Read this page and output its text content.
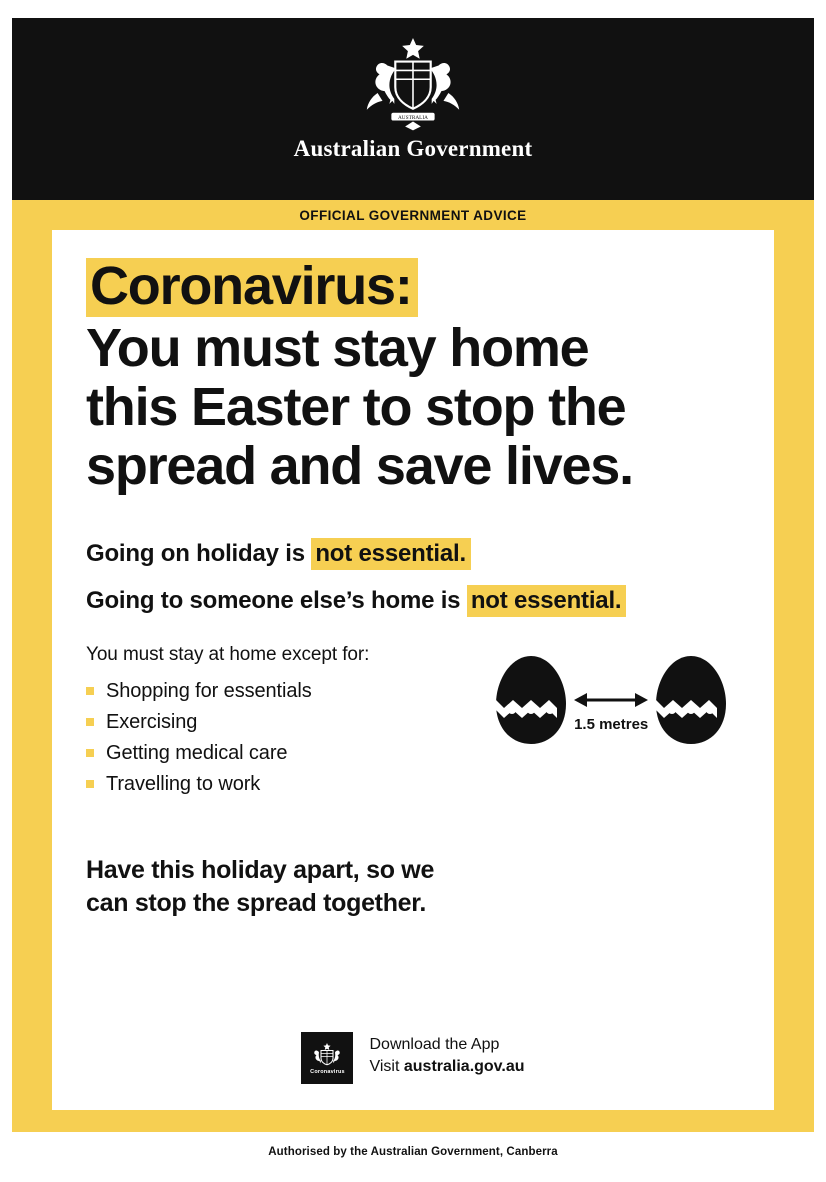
AUSTRALIA
Australian Government
OFFICIAL GOVERNMENT ADVICE
Coronavirus:
You must stay home
this Easter to stop the
spread and save lives.
Going on holiday is not essential.
Going to someone else’s home is not essential.

You must stay at home except for:

Shopping for essentials
Exercising
Getting medical care
Travelling to work
1.5 metres
Have this holiday apart, so we
can stop the spread together.
Coronavirus
Download the App
Visit australia.gov.au
Authorised by the Australian Government, Canberra
